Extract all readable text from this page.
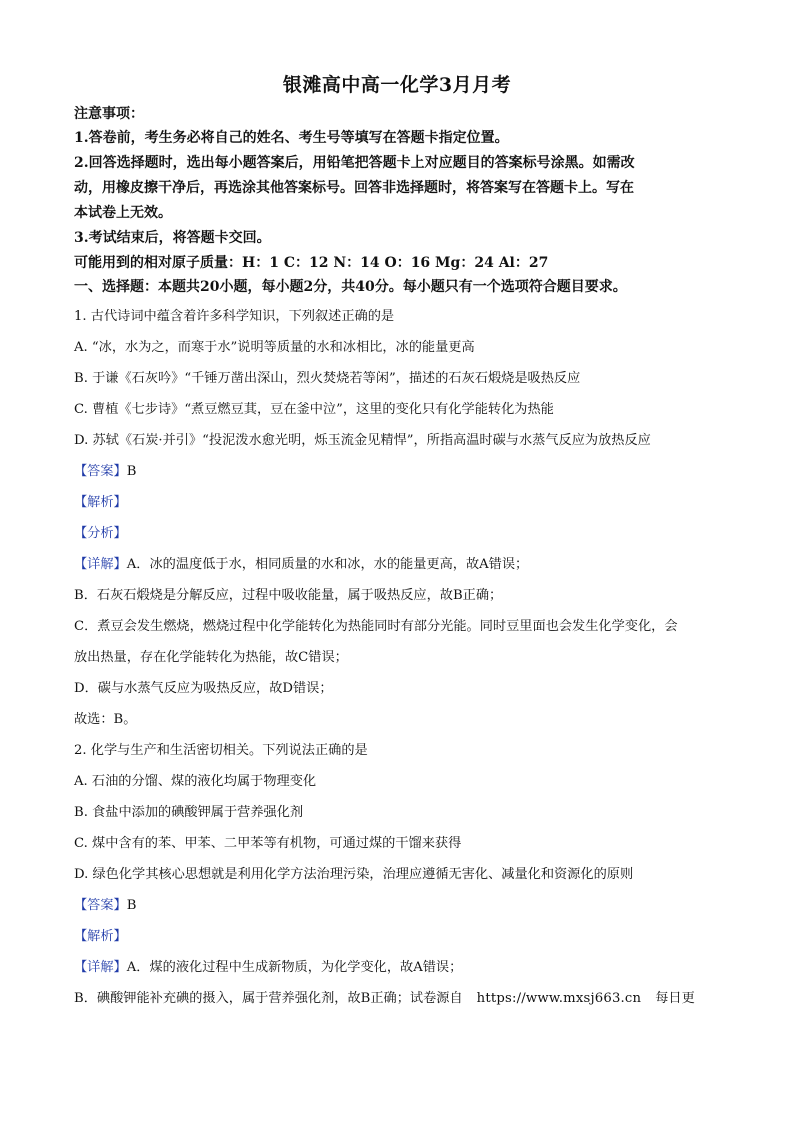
银滩高中高一化学3月月考
注意事项：
1.答卷前，考生务必将自己的姓名、考生号等填写在答题卡指定位置。
2.回答选择题时，选出每小题答案后，用铅笔把答题卡上对应题目的答案标号涂黑。如需改
动，用橡皮擦干净后，再选涂其他答案标号。回答非选择题时，将答案写在答题卡上。写在
本试卷上无效。
3.考试结束后，将答题卡交回。
可能用到的相对原子质量：H：1 C：12 N：14 O：16 Mg：24 Al：27
一、选择题：本题共20小题，每小题2分，共40分。每小题只有一个选项符合题目要求。
1. 古代诗词中蕴含着许多科学知识，下列叙述正确的是
A. “冰，水为之，而寒于水”说明等质量的水和冰相比，冰的能量更高
B. 于谦《石灰吟》“千锤万凿出深山，烈火焚烧若等闲”，描述的石灰石煅烧是吸热反应
C. 曹植《七步诗》“煮豆燃豆萁，豆在釜中泣”，这里的变化只有化学能转化为热能
D. 苏轼《石炭·并引》“投泥泼水愈光明，烁玉流金见精悍”，所指高温时碳与水蒸气反应为放热反应
【答案】B
【解析】
【分析】
【详解】A．冰的温度低于水，相同质量的水和冰，水的能量更高，故A错误；
B．石灰石煅烧是分解反应，过程中吸收能量，属于吸热反应，故B正确；
C．煮豆会发生燃烧，燃烧过程中化学能转化为热能同时有部分光能。同时豆里面也会发生化学变化，会
放出热量，存在化学能转化为热能，故C错误；
D．碳与水蒸气反应为吸热反应，故D错误；
故选：B。
2. 化学与生产和生活密切相关。下列说法正确的是
A. 石油的分馏、煤的液化均属于物理变化
B. 食盐中添加的碘酸钾属于营养强化剂
C. 煤中含有的苯、甲苯、二甲苯等有机物，可通过煤的干馏来获得
D. 绿色化学其核心思想就是利用化学方法治理污染，治理应遵循无害化、减量化和资源化的原则
【答案】B
【解析】
【详解】A．煤的液化过程中生成新物质，为化学变化，故A错误；
B．碘酸钾能补充碘的摄入，属于营养强化剂，故B正确；试卷源自 https://www.mxsj663.cn 每日更
